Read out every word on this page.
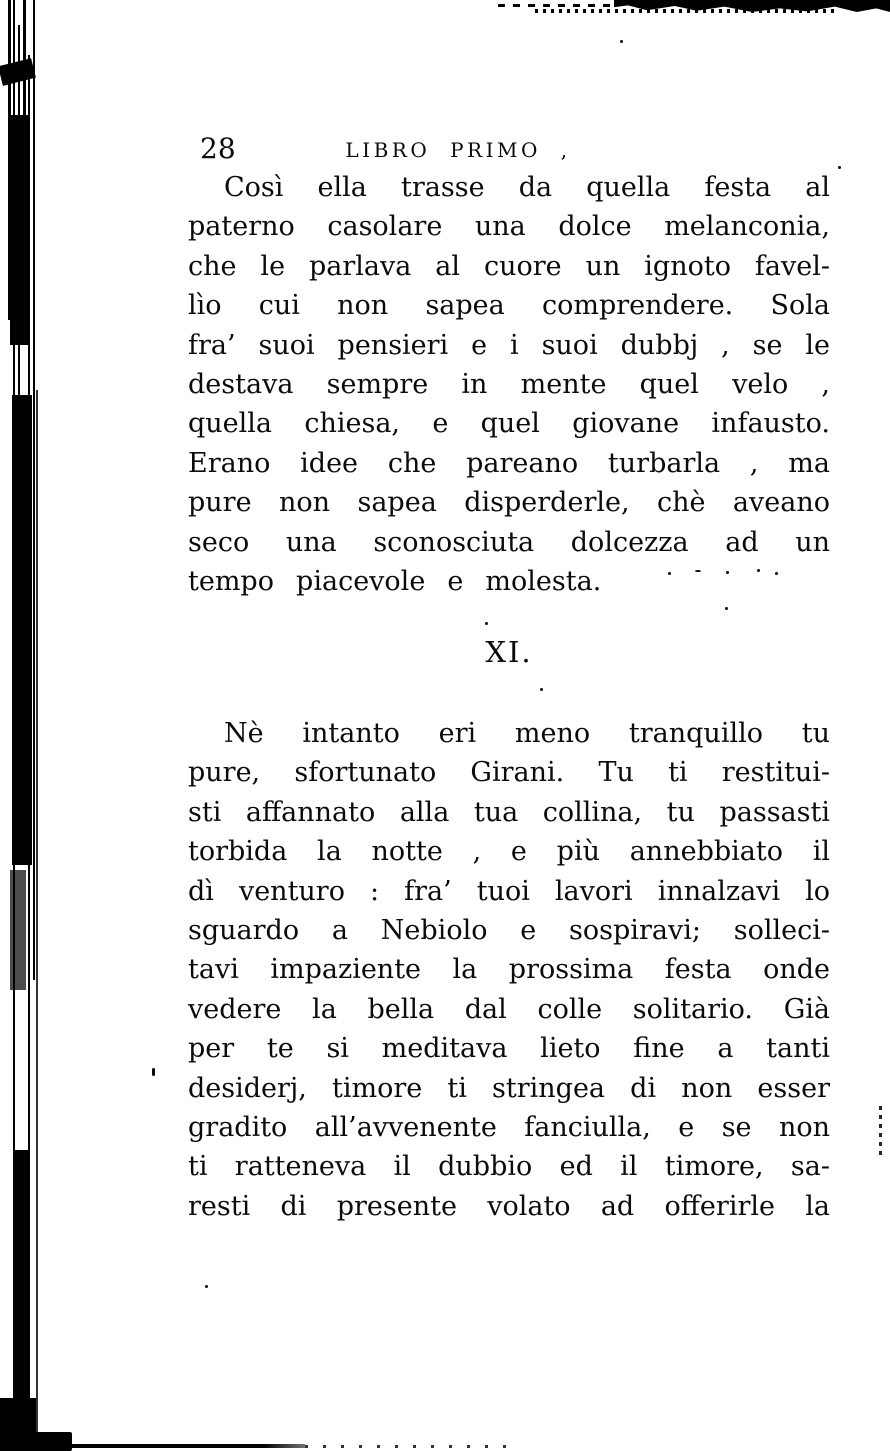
28	LIBRO PRIMO ,
Così ella trasse da quella festa al
paterno casolare una dolce melanconia,
che le parlava al cuore un ignoto favel-
lìo cui non sapea comprendere. Sola
fra’ suoi pensieri e i suoi dubbj , se le
destava sempre in mente quel velo ,
quella chiesa, e quel giovane infausto.
Erano idee che pareano turbarla , ma
pure non sapea disperderle, chè aveano
seco una sconosciuta dolcezza ad un
tempo piacevole e molesta.
XI.
Nè intanto eri meno tranquillo tu
pure, sfortunato Girani. Tu ti restitui-
sti affannato alla tua collina, tu passasti
torbida la notte , e più annebbiato il
dì venturo : fra’ tuoi lavori innalzavi lo
sguardo a Nebiolo e sospiravi; solleci-
tavi impaziente la prossima festa onde
vedere la bella dal colle solitario. Già
per te si meditava lieto fine a tanti
desiderj, timore ti stringea di non esser
gradito all’avvenente fanciulla, e se non
ti ratteneva il dubbio ed il timore, sa-
resti di presente volato ad offerirle la
